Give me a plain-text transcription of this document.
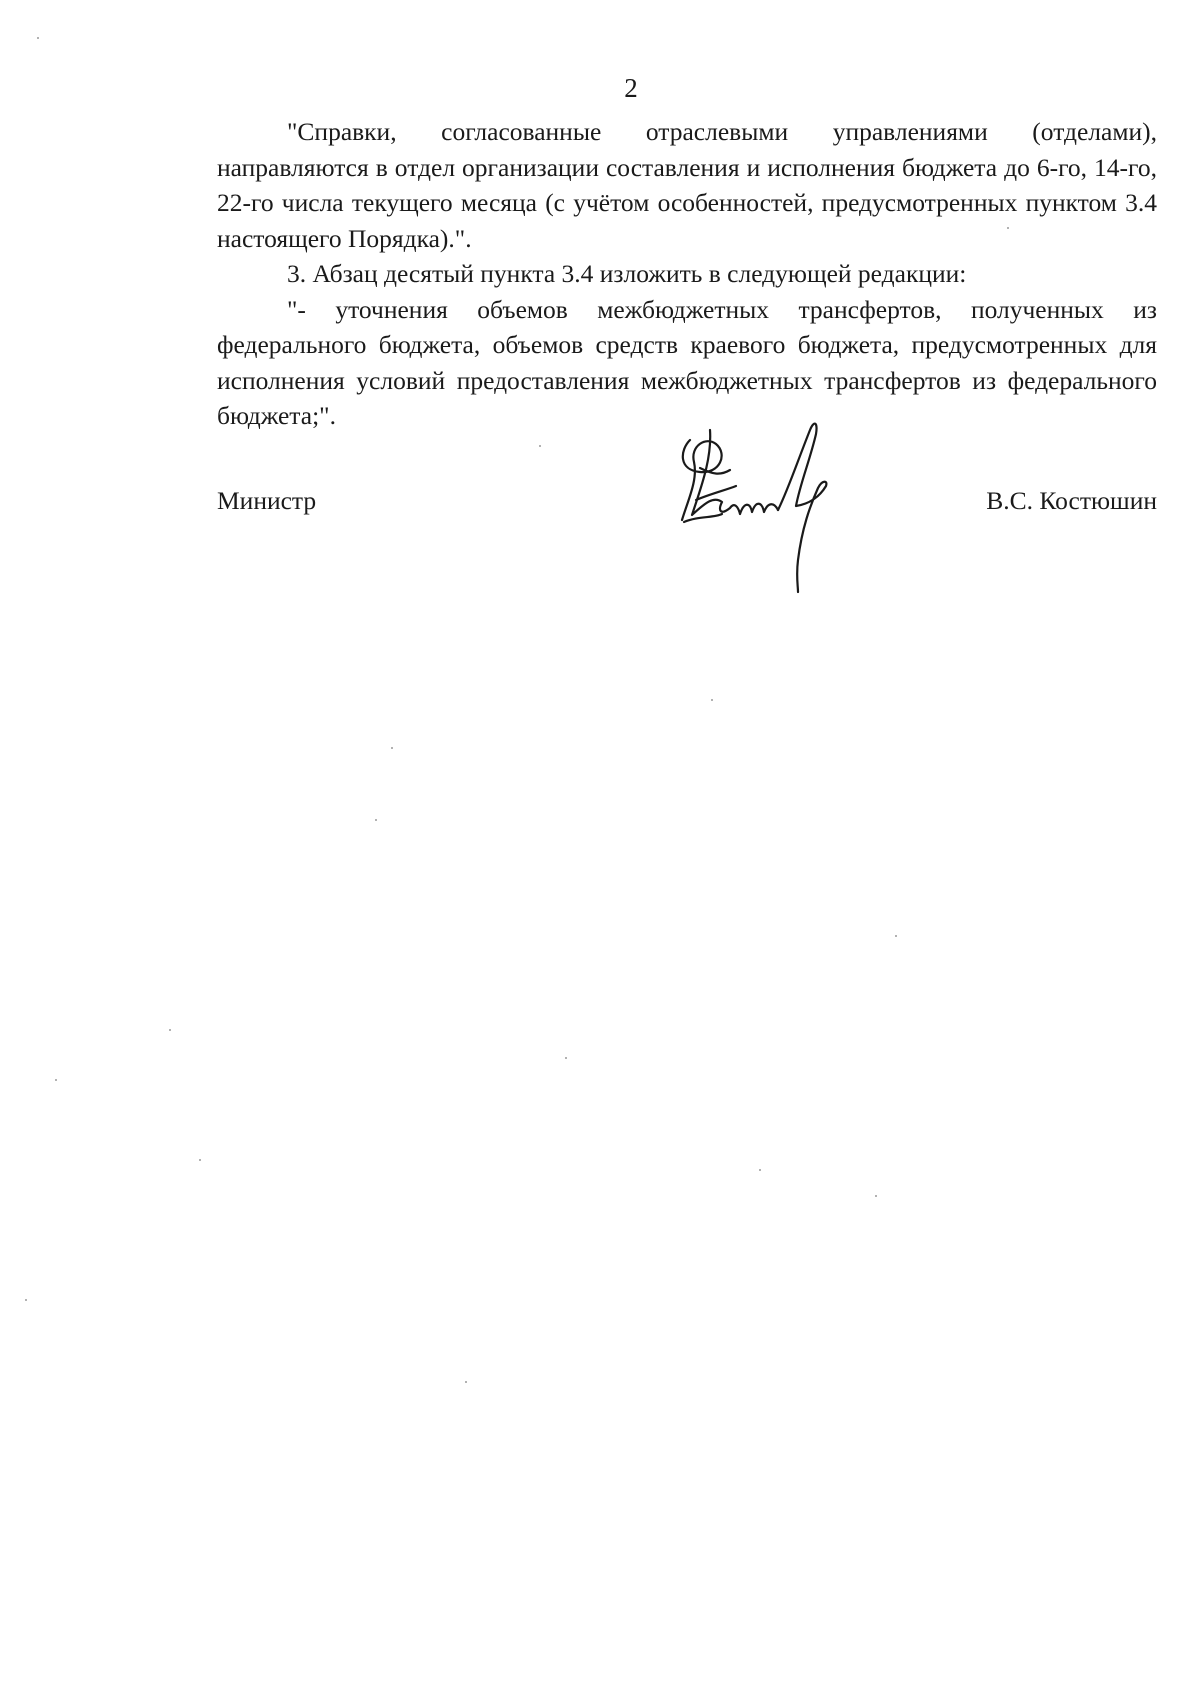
2

"Справки, согласованные отраслевыми управлениями (отделами), направляются в отдел организации составления и исполнения бюджета до 6-го, 14-го, 22-го числа текущего месяца (с учётом особенностей, предусмотренных пунктом 3.4 настоящего Порядка).".

3. Абзац десятый пункта 3.4 изложить в следующей редакции:

"- уточнения объемов межбюджетных трансфертов, полученных из федерального бюджета, объемов средств краевого бюджета, предусмотренных для исполнения условий предоставления межбюджетных трансфертов из федерального бюджета;".

Министр	В.С. Костюшин
